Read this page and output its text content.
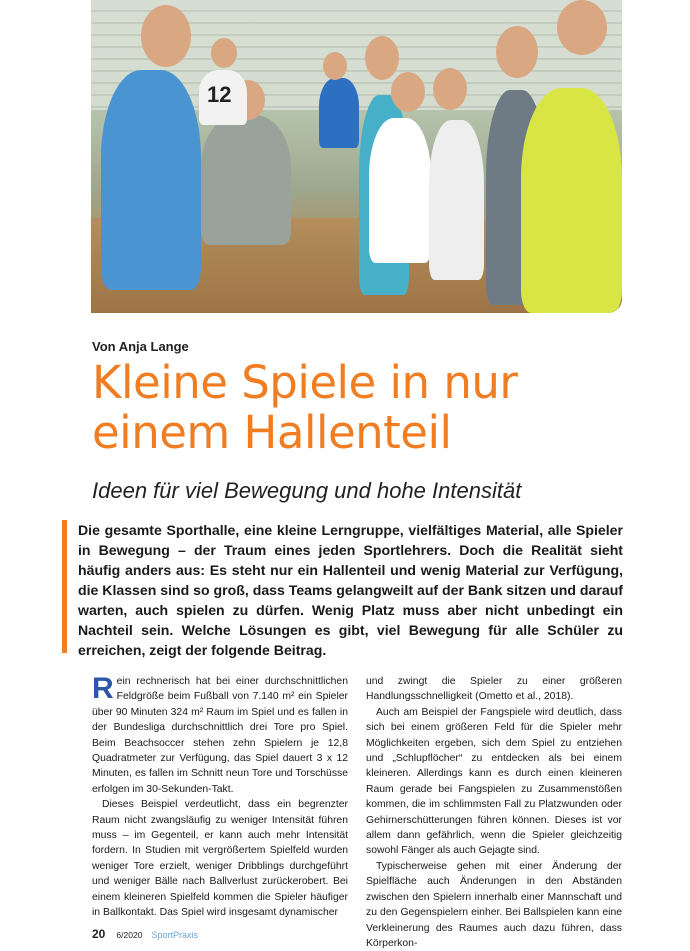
12
Von Anja Lange
Kleine Spiele in nur
einem Hallenteil
Ideen für viel Bewegung und hohe Intensität

Die gesamte Sporthalle, eine kleine Lerngruppe, vielfältiges Material, alle Spieler in Bewegung – der Traum eines jeden Sportlehrers. Doch die Realität sieht häufig anders aus: Es steht nur ein Hallenteil und wenig Material zur Verfügung, die Klassen sind so groß, dass Teams gelangweilt auf der Bank sitzen und darauf warten, auch spielen zu dürfen. Wenig Platz muss aber nicht unbedingt ein Nachteil sein. Welche Lösungen es gibt, viel Bewegung für alle Schüler zu erreichen, zeigt der folgende Beitrag.

Rein rechnerisch hat bei einer durchschnittlichen Feldgröße beim Fußball von 7.140 m² ein Spieler über 90 Minuten 324 m² Raum im Spiel und es fallen in der Bundesliga durchschnittlich drei Tore pro Spiel. Beim Beachsoccer stehen zehn Spielern je 12,8 Quadratmeter zur Verfügung, das Spiel dauert 3 x 12 Minuten, es fallen im Schnitt neun Tore und Torschüsse erfolgen im 30-Sekunden-Takt.

Dieses Beispiel verdeutlicht, dass ein begrenzter Raum nicht zwangsläufig zu weniger Intensität führen muss – im Gegenteil, er kann auch mehr Intensität fordern. In Studien mit vergrößertem Spielfeld wurden weniger Tore erzielt, weniger Dribblings durchgeführt und weniger Bälle nach Ballverlust zurückerobert. Bei einem kleineren Spielfeld kommen die Spieler häufiger in Ballkontakt. Das Spiel wird insgesamt dynamischer

und zwingt die Spieler zu einer größeren Handlungsschnelligkeit (Ometto et al., 2018).

Auch am Beispiel der Fangspiele wird deutlich, dass sich bei einem größeren Feld für die Spieler mehr Möglichkeiten ergeben, sich dem Spiel zu entziehen und „Schlupflöcher“ zu entdecken als bei einem kleineren. Allerdings kann es durch einen kleineren Raum gerade bei Fangspielen zu Zusammenstößen kommen, die im schlimmsten Fall zu Platzwunden oder Gehirnerschütterungen führen können. Dieses ist vor allem dann gefährlich, wenn die Spieler gleichzeitig sowohl Fänger als auch Gejagte sind.

Typischerweise gehen mit einer Änderung der Spielfläche auch Änderungen in den Abständen zwischen den Spielern innerhalb einer Mannschaft und zu den Gegenspielern einher. Bei Ballspielen kann eine Verkleinerung des Raumes auch dazu führen, dass Körperkon-

20 6/2020 SportPraxis
